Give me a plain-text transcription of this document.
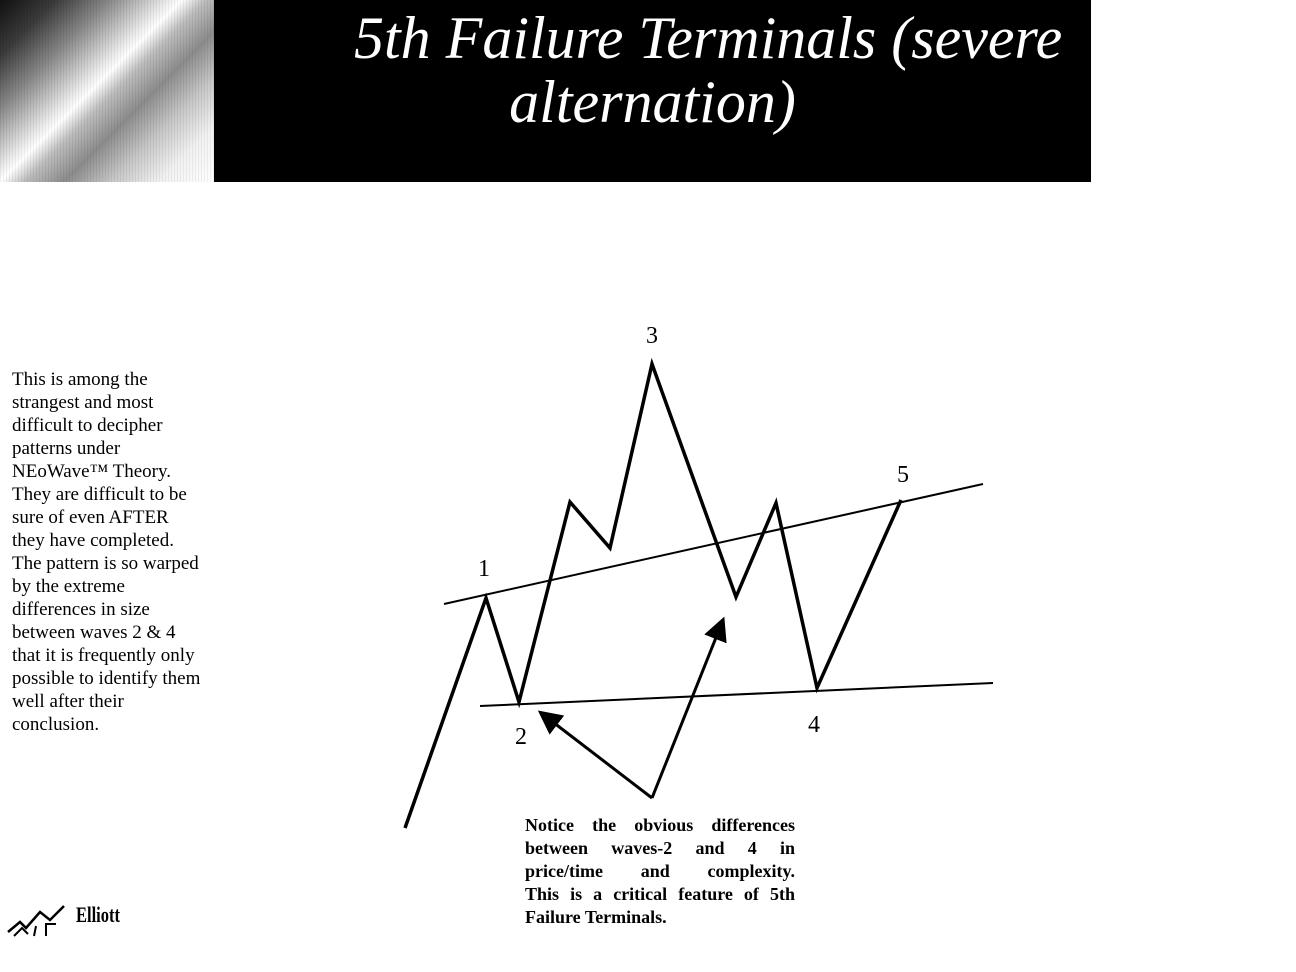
5th Failure Terminals (severe
alternation)

This is among the
strangest and most
difficult to decipher
patterns under
NEoWave™ Theory.
They are difficult to be
sure of even AFTER
they have completed.
The pattern is so warped
by the extreme
differences in size
between waves 2 & 4
that it is frequently only
possible to identify them
well after their
conclusion.

1
2
3
4
5

Notice the obvious differences
between waves-2 and 4 in
price/time and complexity.
This is a critical feature of 5th
Failure Terminals.

Elliott
